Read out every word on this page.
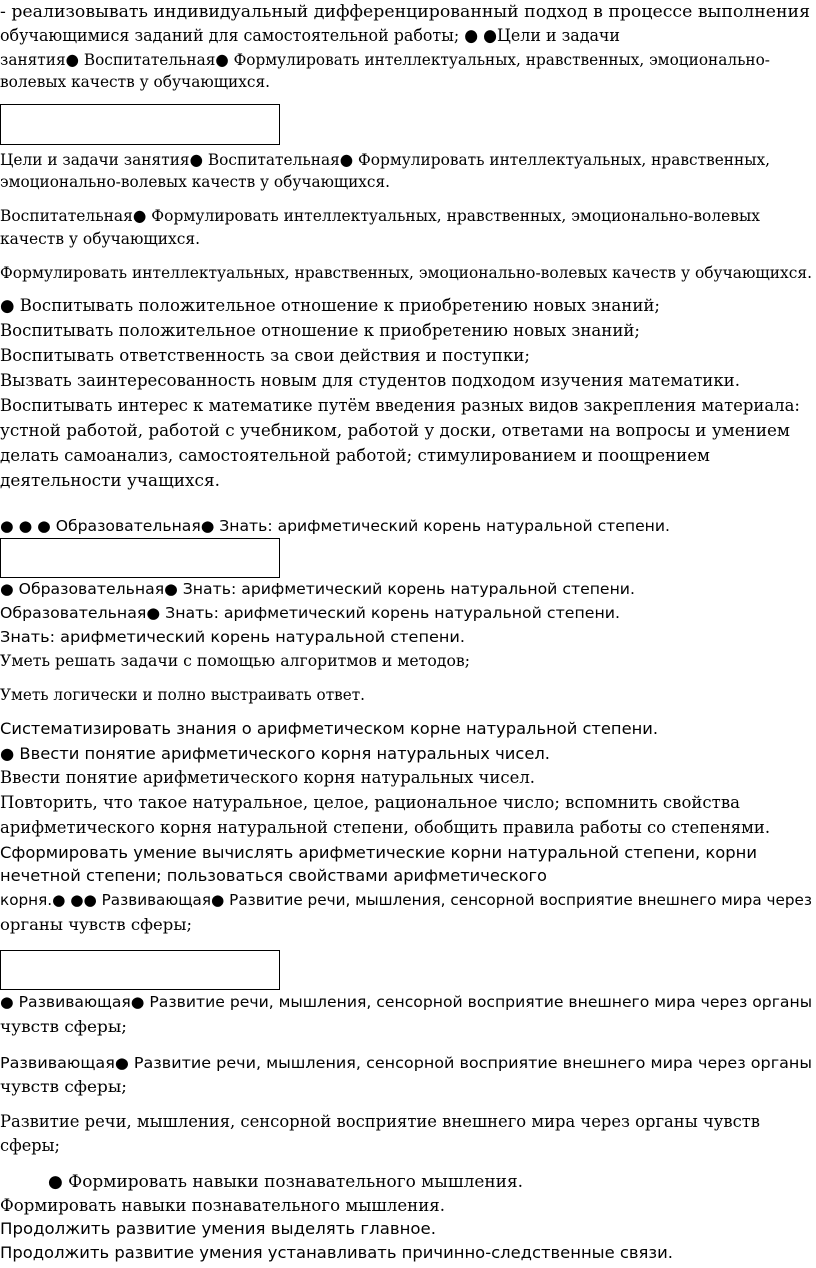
- реализовывать индивидуальный дифференцированный подход в процессе выполнения
обучающимися заданий для самостоятельной работы; ● ●Цели и задачи
занятия● Воспитательная● Формулировать интеллектуальных, нравственных, эмоционально-
волевых качеств у обучающихся.
Цели и задачи занятия● Воспитательная● Формулировать интеллектуальных, нравственных,
эмоционально-волевых качеств у обучающихся.
Воспитательная● Формулировать интеллектуальных, нравственных, эмоционально-волевых
качеств у обучающихся.
Формулировать интеллектуальных, нравственных, эмоционально-волевых качеств у обучающихся.
● Воспитывать положительное отношение к приобретению новых знаний;
Воспитывать положительное отношение к приобретению новых знаний;
Воспитывать ответственность за свои действия и поступки;
Вызвать заинтересованность новым для студентов подходом изучения математики.
Воспитывать интерес к математике путём введения разных видов закрепления материала:
устной работой, работой с учебником, работой у доски, ответами на вопросы и умением
делать самоанализ, самостоятельной работой; стимулированием и поощрением
деятельности учащихся.
● ● ● Образовательная● Знать: арифметический корень натуральной степени.
● Образовательная● Знать: арифметический корень натуральной степени.
Образовательная● Знать: арифметический корень натуральной степени.
Знать: арифметический корень натуральной степени.
Уметь решать задачи с помощью алгоритмов и методов;
Уметь логически и полно выстраивать ответ.
Систематизировать знания о арифметическом корне натуральной степени.
● Ввести понятие арифметического корня натуральных чисел.
Ввести понятие арифметического корня натуральных чисел.
Повторить, что такое натуральное, целое, рациональное число; вспомнить свойства
арифметического корня натуральной степени, обобщить правила работы со степенями.
Сформировать умение вычислять арифметические корни натуральной степени, корни
нечетной степени; пользоваться свойствами арифметического
корня.● ●● Развивающая● Развитие речи, мышления, сенсорной восприятие внешнего мира через
органы чувств сферы;
● Развивающая● Развитие речи, мышления, сенсорной восприятие внешнего мира через органы
чувств сферы;
Развивающая● Развитие речи, мышления, сенсорной восприятие внешнего мира через органы
чувств сферы;
Развитие речи, мышления, сенсорной восприятие внешнего мира через органы чувств
сферы;
● Формировать навыки познавательного мышления.
Формировать навыки познавательного мышления.
Продолжить развитие умения выделять главное.
Продолжить развитие умения устанавливать причинно-следственные связи.
